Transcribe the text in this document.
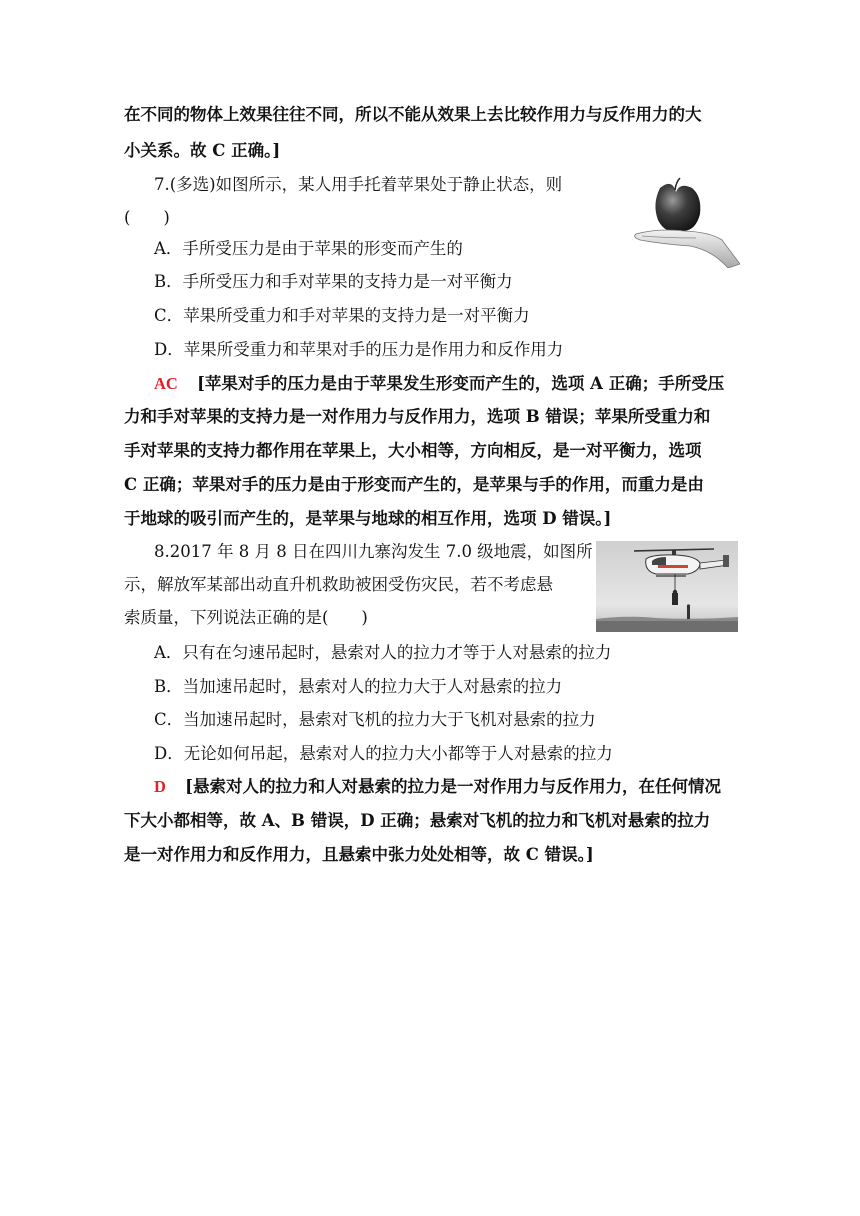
在不同的物体上效果往往不同，所以不能从效果上去比较作用力与反作用力的大
小关系。故 C 正确。]
7.(多选)如图所示，某人用手托着苹果处于静止状态，则
(　　)
A．手所受压力是由于苹果的形变而产生的
B．手所受压力和手对苹果的支持力是一对平衡力
C．苹果所受重力和手对苹果的支持力是一对平衡力
D．苹果所受重力和苹果对手的压力是作用力和反作用力
AC [苹果对手的压力是由于苹果发生形变而产生的，选项 A 正确；手所受压
力和手对苹果的支持力是一对作用力与反作用力，选项 B 错误；苹果所受重力和
手对苹果的支持力都作用在苹果上，大小相等，方向相反，是一对平衡力，选项
C 正确；苹果对手的压力是由于形变而产生的，是苹果与手的作用，而重力是由
于地球的吸引而产生的，是苹果与地球的相互作用，选项 D 错误。]
8.2017 年 8 月 8 日在四川九寨沟发生 7.0 级地震，如图所
示，解放军某部出动直升机救助被困受伤灾民，若不考虑悬
索质量，下列说法正确的是(　　)
A．只有在匀速吊起时，悬索对人的拉力才等于人对悬索的拉力
B．当加速吊起时，悬索对人的拉力大于人对悬索的拉力
C．当加速吊起时，悬索对飞机的拉力大于飞机对悬索的拉力
D．无论如何吊起，悬索对人的拉力大小都等于人对悬索的拉力
D [悬索对人的拉力和人对悬索的拉力是一对作用力与反作用力，在任何情况
下大小都相等，故 A、B 错误，D 正确；悬索对飞机的拉力和飞机对悬索的拉力
是一对作用力和反作用力，且悬索中张力处处相等，故 C 错误。]
